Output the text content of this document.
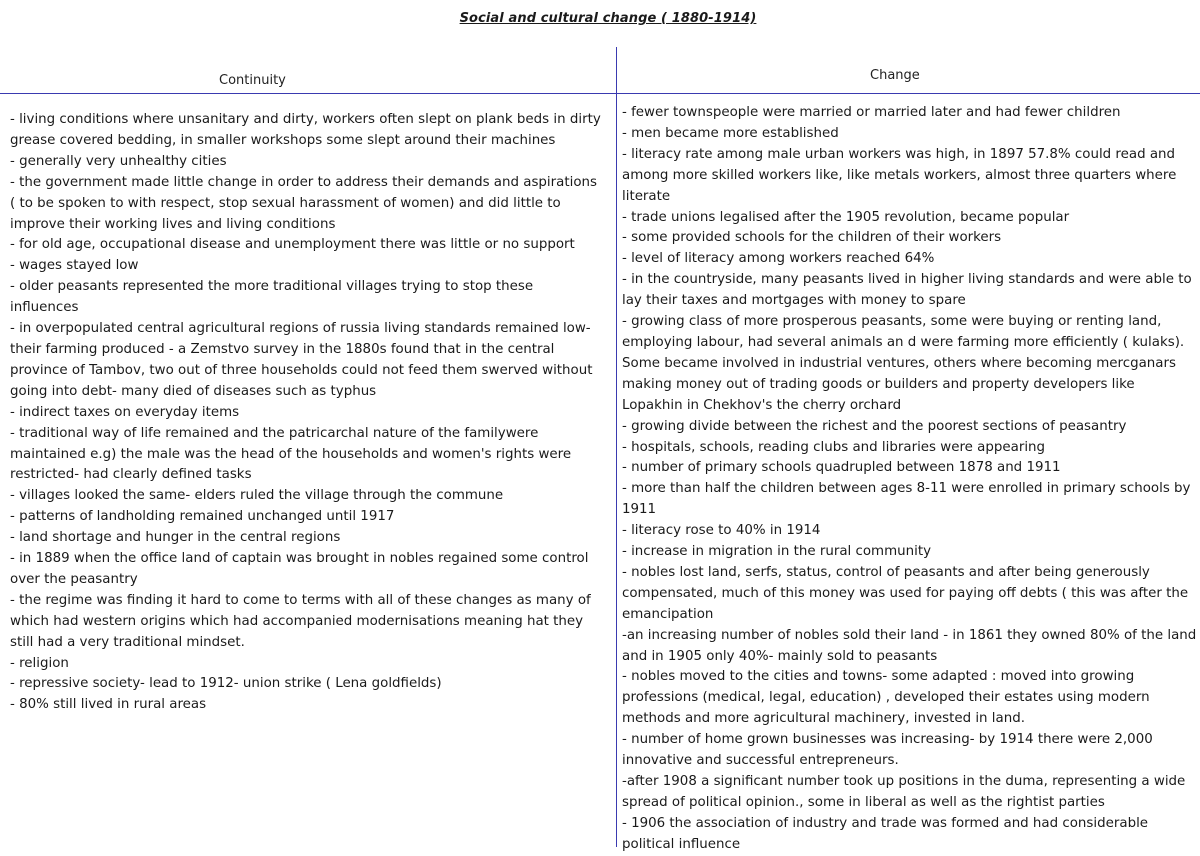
Social and cultural change ( 1880-1914)
Continuity	Change
- living conditions where unsanitary and dirty, workers often slept on plank beds in dirty grease covered bedding, in smaller workshops some slept around their machines
- generally very unhealthy cities
- the government made little change in order to address their demands and aspirations ( to be spoken to with respect, stop sexual harassment of women) and did little to improve their working lives and living conditions
- for old age, occupational disease and unemployment there was little or no support
- wages stayed low
- older peasants represented the more traditional villages trying to stop these influences
- in overpopulated central agricultural regions of russia living standards remained low- their farming produced - a Zemstvo survey in the 1880s found that in the central province of Tambov, two out of three households could not feed them swerved without going into debt- many died of diseases such as typhus
- indirect taxes on everyday items
- traditional way of life remained and the patricarchal nature of the familywere maintained e.g) the male was the head of the households and women's rights were restricted- had clearly defined tasks
- villages looked the same- elders ruled the village through the commune
- patterns of landholding remained unchanged until 1917
- land shortage and hunger in the central regions
- in 1889 when the office land of captain was brought in nobles regained some control over the peasantry
- the regime was finding it hard to come to terms with all of these changes as many of which had western origins which had accompanied modernisations meaning hat they still had a very traditional mindset.
- religion
- repressive society- lead to 1912- union strike ( Lena goldfields)
- 80% still lived in rural areas
- fewer townspeople were married or married later and had fewer children
- men became more established
- literacy rate among male urban workers was high, in 1897 57.8% could read and among more skilled workers like, like metals workers, almost three quarters where literate
- trade unions legalised after the 1905 revolution, became popular
- some provided schools for the children of their workers
- level of literacy among workers reached 64%
- in the countryside, many peasants lived in higher living standards and were able to lay their taxes and mortgages with money to spare
- growing class of more prosperous peasants, some were buying or renting land, employing labour, had several animals an d were farming more efficiently ( kulaks). Some became involved in industrial ventures, others where becoming mercganars making money out of trading goods or builders and property developers like Lopakhin in Chekhov's the cherry orchard
- growing divide between the richest and the poorest sections of peasantry
- hospitals, schools, reading clubs and libraries were appearing
- number of primary schools quadrupled between 1878 and 1911
- more than half the children between ages 8-11 were enrolled in primary schools by 1911
- literacy rose to 40% in 1914
- increase in migration in the rural community
- nobles lost land, serfs, status, control of peasants and after being generously compensated, much of this money was used for paying off debts ( this was after the emancipation
-an increasing number of nobles sold their land - in 1861 they owned 80% of the land and in 1905 only 40%- mainly sold to peasants
- nobles moved to the cities and towns- some adapted : moved into growing professions (medical, legal, education) , developed their estates using modern methods and more agricultural machinery, invested in land.
- number of home grown businesses was increasing- by 1914 there were 2,000 innovative and successful entrepreneurs.
-after 1908 a significant number took up positions in the duma, representing a wide spread of political opinion., some in liberal as well as the rightist parties
- 1906 the association of industry and trade was formed and had considerable political influence
